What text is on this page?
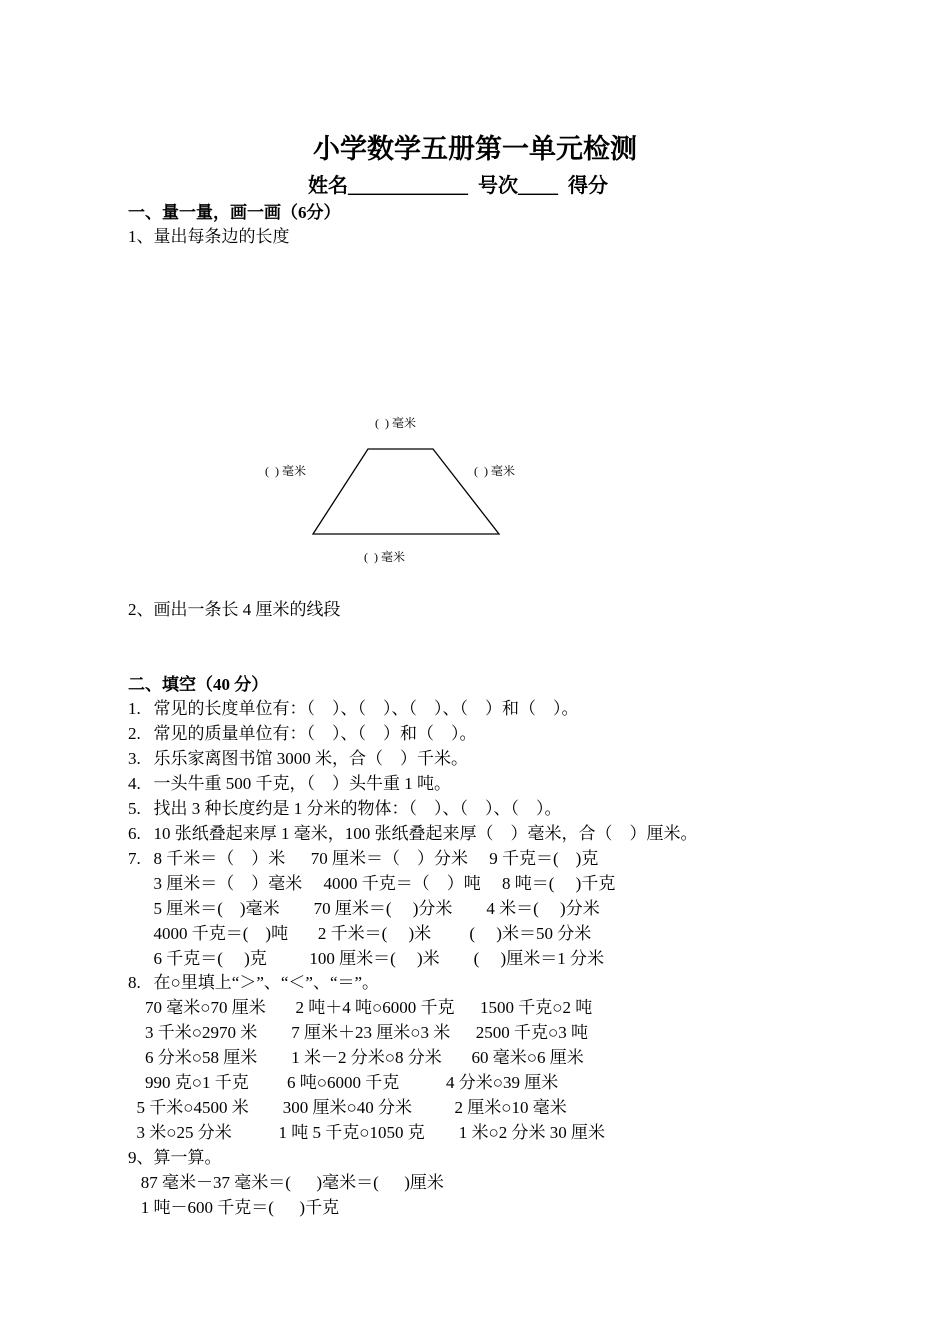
小学数学五册第一单元检测
姓名____________  号次____  得分
一、量一量，画一画（6分）
1、量出每条边的长度
(  ) 毫米
(  ) 毫米	(  ) 毫米
(  ) 毫米
2、画出一条长 4 厘米的线段
二、填空（40 分）
1.   常见的长度单位有：（    ）、（    ）、（    ）、（    ）和（    ）。
2.   常见的质量单位有：（    ）、（    ）和（    ）。
3.   乐乐家离图书馆 3000 米，合（    ）千米。
4.   一头牛重 500 千克，（    ）头牛重 1 吨。
5.   找出 3 种长度约是 1 分米的物体：（    ）、（    ）、（    ）。
6.   10 张纸叠起来厚 1 毫米，100 张纸叠起来厚（    ）毫米，合（    ）厘米。
7.   8 千米＝（    ）米      70 厘米＝（    ）分米     9 千克＝(    )克
3 厘米＝（    ）毫米     4000 千克＝（    ）吨     8 吨＝(     )千克
5 厘米＝(    )毫米        70 厘米＝(     )分米        4 米＝(     )分米
4000 千克＝(    )吨       2 千米＝(     )米         (     )米＝50 分米
6 千克＝(     )克          100 厘米＝(     )米        (     )厘米＝1 分米
8.   在○里填上“＞”、“＜”、“＝”。
70 毫米○70 厘米       2 吨＋4 吨○6000 千克      1500 千克○2 吨
3 千米○2970 米        7 厘米＋23 厘米○3 米      2500 千克○3 吨
6 分米○58 厘米        1 米－2 分米○8 分米       60 毫米○6 厘米
990 克○1 千克         6 吨○6000 千克           4 分米○39 厘米
5 千米○4500 米        300 厘米○40 分米          2 厘米○10 毫米
3 米○25 分米           1 吨 5 千克○1050 克        1 米○2 分米 30 厘米
9、算一算。
87 毫米－37 毫米＝(      )毫米＝(      )厘米
1 吨－600 千克＝(      )千克
